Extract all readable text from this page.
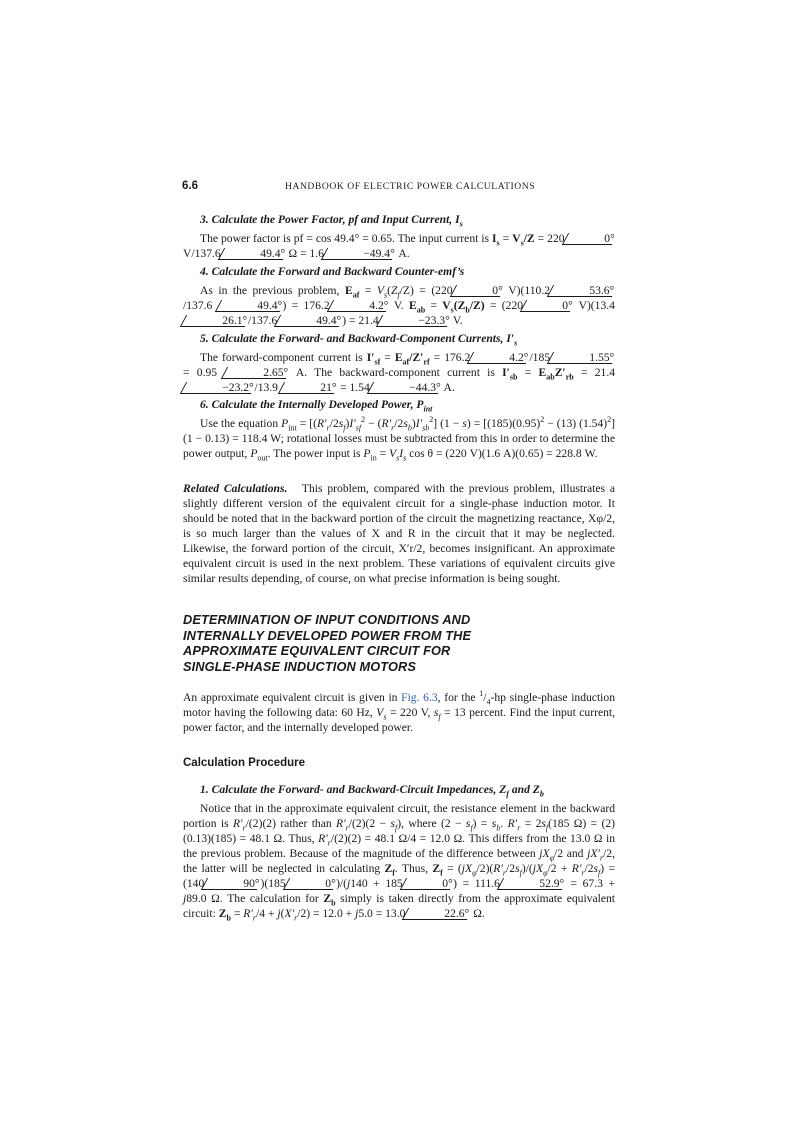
6.6	HANDBOOK OF ELECTRIC POWER CALCULATIONS

3. Calculate the Power Factor, pf and Input Current, $I_s$

The power factor is pf = cos 49.4° = 0.65. The input current is $I_s = V_s/Z = 220$	0° V/137.6	49.4° Ω = 1.6	−49.4° A.

4. Calculate the Forward and Backward Counter-emf’s

As in the previous problem, $E_{af} = V_s(Z_f/Z) = (220$	0° V)(110.2	53.6°/137.6	49.4°) = 176.2	4.2° V. $E_{ab} = V_s(Z_b/Z) = (220$	0° V)(13.426.1°/137.6	49.4°) = 21.4	−23.3° V.

5. Calculate the Forward- and Backward-Component Currents, $I'_s$

The forward-component current is $I'_{sf} = E_{af}/Z'_{rf} = 176.2$	4.2°/185	1.55° = 0.95	2.65° A. The backward-component current is $I'_{sb} = E_{ab}Z'_{rb} = 21.4-23.2^\circ/13.9$	21° = 1.54	−44.3° A.

6. Calculate the Internally Developed Power, $P_{int}$

Use the equation $P_{int} = [(R'_r/2s_f)I'_{sf}^2 - (R'_r/2s_b)I'_{sb}^2] (1 - s) = [(185)(0.95)^2 - (13) (1.54)^2](1 - 0.13) = 118.4$ W; rotational losses must be subtracted from this in order to determine the power output, $P_{out}$. The power input is $P_{in} = V_sI_s$ cos θ = (220 V)(1.6 A)(0.65) = 228.8 W.

Related Calculations. This problem, compared with the previous problem, illustrates a slightly different version of the equivalent circuit for a single-phase induction motor. It should be noted that in the backward portion of the circuit the magnetizing reactance, Xφ/2, is so much larger than the values of X and R in the circuit that it may be neglected. Likewise, the forward portion of the circuit, X′r/2, becomes insignificant. An approximate equivalent circuit is used in the next problem. These variations of equivalent circuits give similar results depending, of course, on what precise information is being sought.

DETERMINATION OF INPUT CONDITIONS AND
INTERNALLY DEVELOPED POWER FROM THE
APPROXIMATE EQUIVALENT CIRCUIT FOR
SINGLE-PHASE INDUCTION MOTORS

An approximate equivalent circuit is given in Fig. 6.3, for the $^1/_4-hp$ single-phase induction motor having the following data: 60 Hz, $V_s = 220$ V, $s_f = 13$ percent. Find the input current, power factor, and the internally developed power.

Calculation Procedure

1. Calculate the Forward- and Backward-Circuit Impedances, $Z_f$ and $Z_b$

Notice that in the approximate equivalent circuit, the resistance element in the backward portion is $R'_r/(2)(2)$ rather than $R'_r/(2)(2 - s_f)$, where $(2 - s_f) = s_b$. $R'_r = 2s_f(185$ Ω) = (2)(0.13)(185) = 48.1 Ω. Thus, $R'_r/(2)(2) = 48.1$ Ω/4 = 12.0 Ω. This differs from the 13.0 Ω in the previous problem. Because of the magnitude of the difference between $jX_\varphi/2$ and $jX'_r/2$, the latter will be neglected in calculating $Z_f$. Thus, $Z_f = (jX_\varphi/2)(R'_r/2s_f)/(jX_\varphi/2 + R'_r/2s_f) = (140$	90°)(185	0°)/(j140 + 185	0°) = 111.6	52.9° = 67.3 + j89.0 Ω. The calculation for $Z_b$ simply is taken directly from the approximate equivalent circuit: $Z_b = R'_r/4 + j(X'_r/2) = 12.0 + j5.0 = 13.0$	22.6° Ω.
